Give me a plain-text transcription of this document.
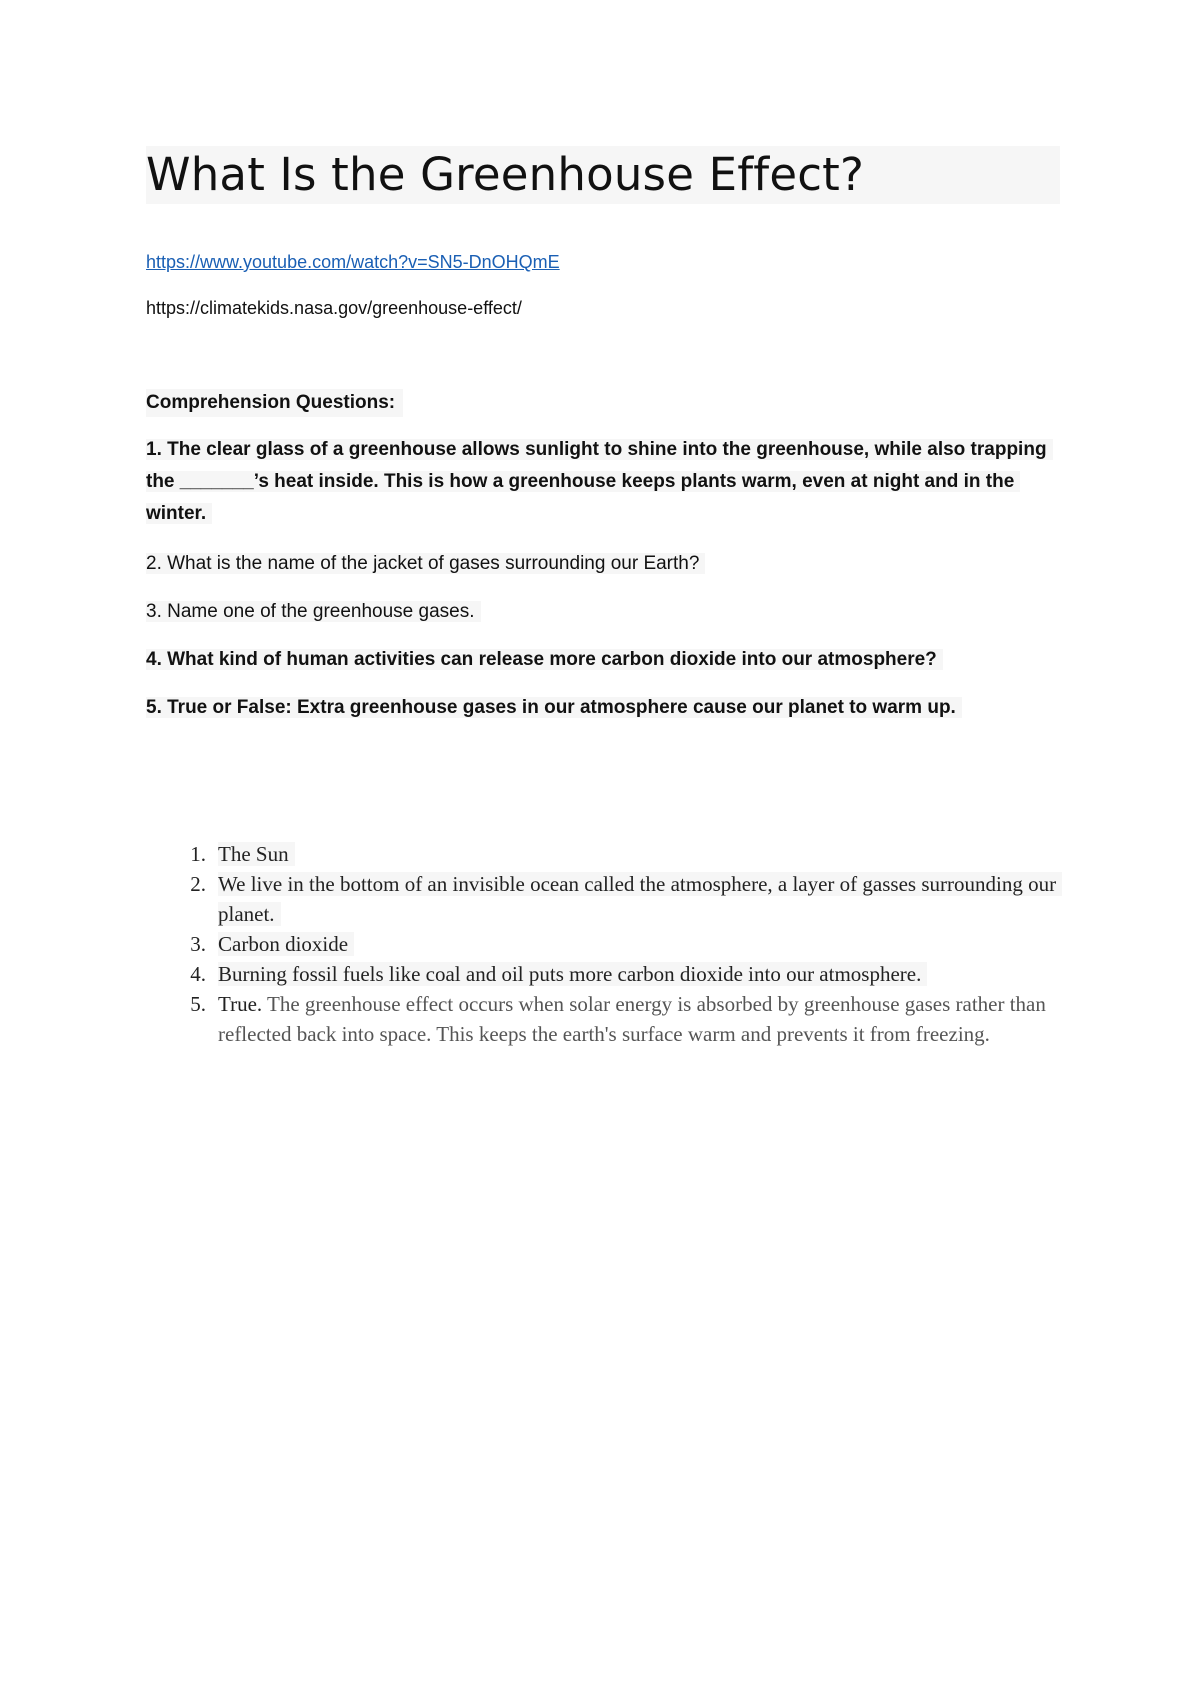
What Is the Greenhouse Effect?
https://www.youtube.com/watch?v=SN5-DnOHQmE

https://climatekids.nasa.gov/greenhouse-effect/

Comprehension Questions:

1. The clear glass of a greenhouse allows sunlight to shine into the greenhouse, while also trapping the _______’s heat inside. This is how a greenhouse keeps plants warm, even at night and in the winter.

2. What is the name of the jacket of gases surrounding our Earth?

3. Name one of the greenhouse gases.

4. What kind of human activities can release more carbon dioxide into our atmosphere?

5. True or False: Extra greenhouse gases in our atmosphere cause our planet to warm up.

1. The Sun
2. We live in the bottom of an invisible ocean called the atmosphere, a layer of gasses surrounding our planet.
3. Carbon dioxide
4. Burning fossil fuels like coal and oil puts more carbon dioxide into our atmosphere.
5. True. The greenhouse effect occurs when solar energy is absorbed by greenhouse gases rather than reflected back into space. This keeps the earth's surface warm and prevents it from freezing.
